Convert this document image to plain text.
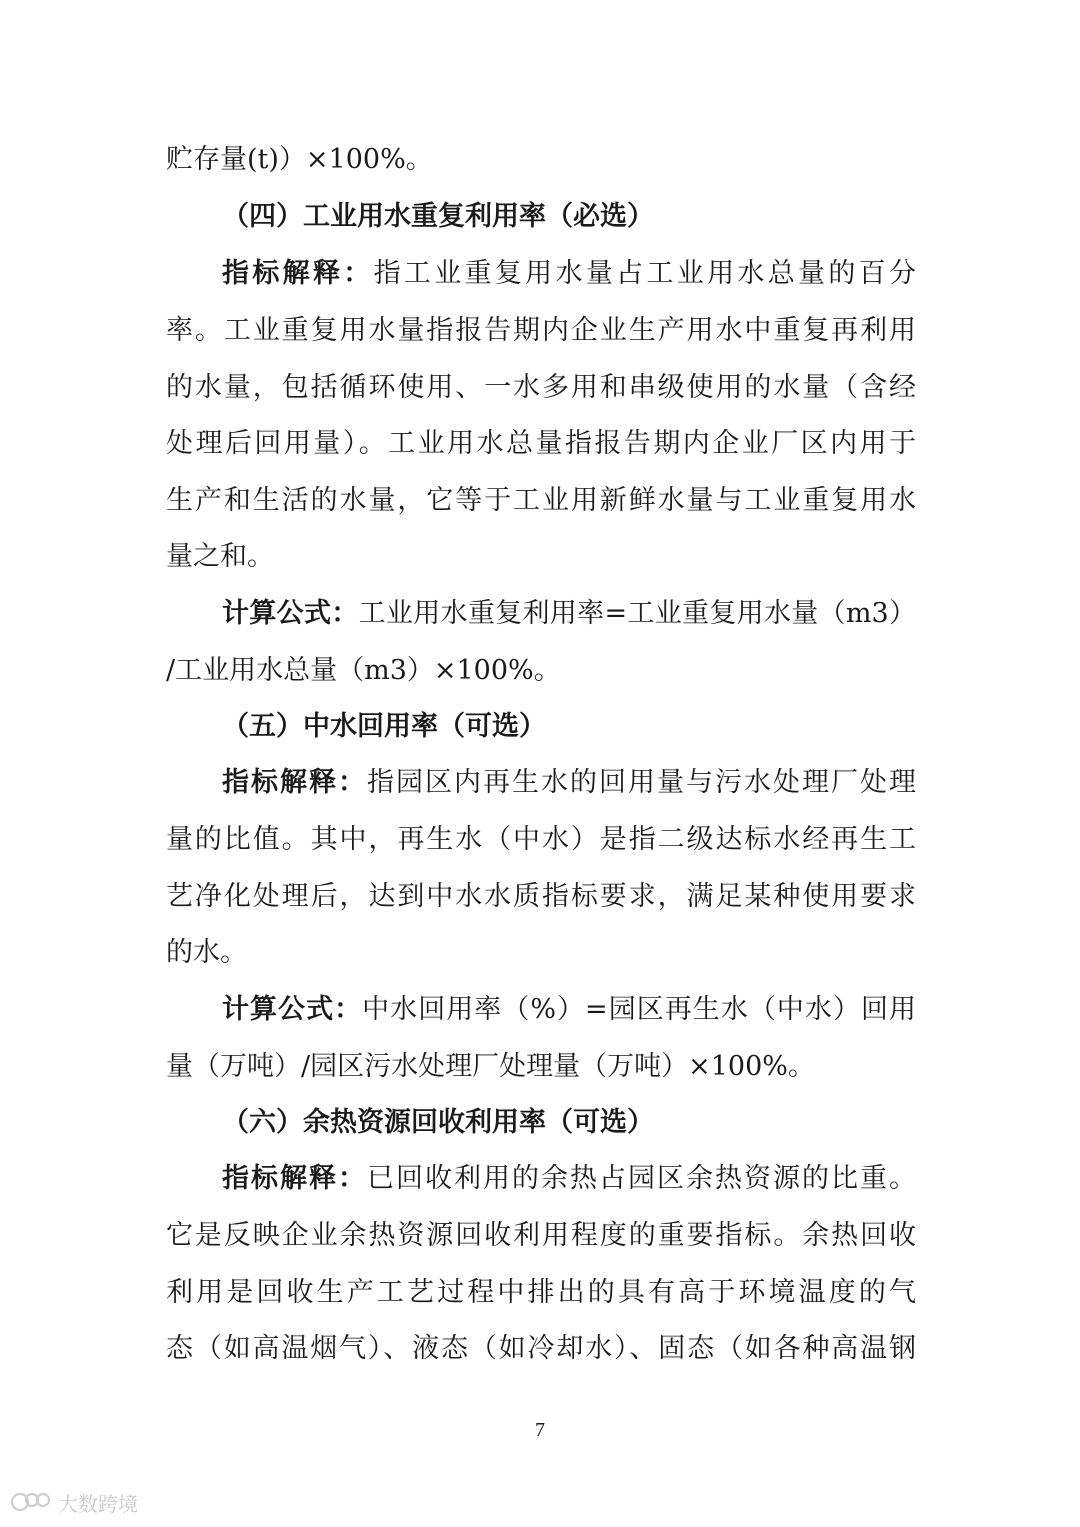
贮存量(t)）×100%。
（四）工业用水重复利用率（必选）
指标解释：指工业重复用水量占工业用水总量的百分
率。工业重复用水量指报告期内企业生产用水中重复再利用
的水量，包括循环使用、一水多用和串级使用的水量（含经
处理后回用量）。工业用水总量指报告期内企业厂区内用于
生产和生活的水量，它等于工业用新鲜水量与工业重复用水
量之和。
计算公式：工业用水重复利用率=工业重复用水量（m3）
/工业用水总量（m3）×100%。
（五）中水回用率（可选）
指标解释：指园区内再生水的回用量与污水处理厂处理
量的比值。其中，再生水（中水）是指二级达标水经再生工
艺净化处理后，达到中水水质指标要求，满足某种使用要求
的水。
计算公式：中水回用率（%）=园区再生水（中水）回用
量（万吨）/园区污水处理厂处理量（万吨）×100%。
（六）余热资源回收利用率（可选）
指标解释：已回收利用的余热占园区余热资源的比重。
它是反映企业余热资源回收利用程度的重要指标。余热回收
利用是回收生产工艺过程中排出的具有高于环境温度的气
态（如高温烟气）、液态（如冷却水）、固态（如各种高温钢
7
大数跨境
